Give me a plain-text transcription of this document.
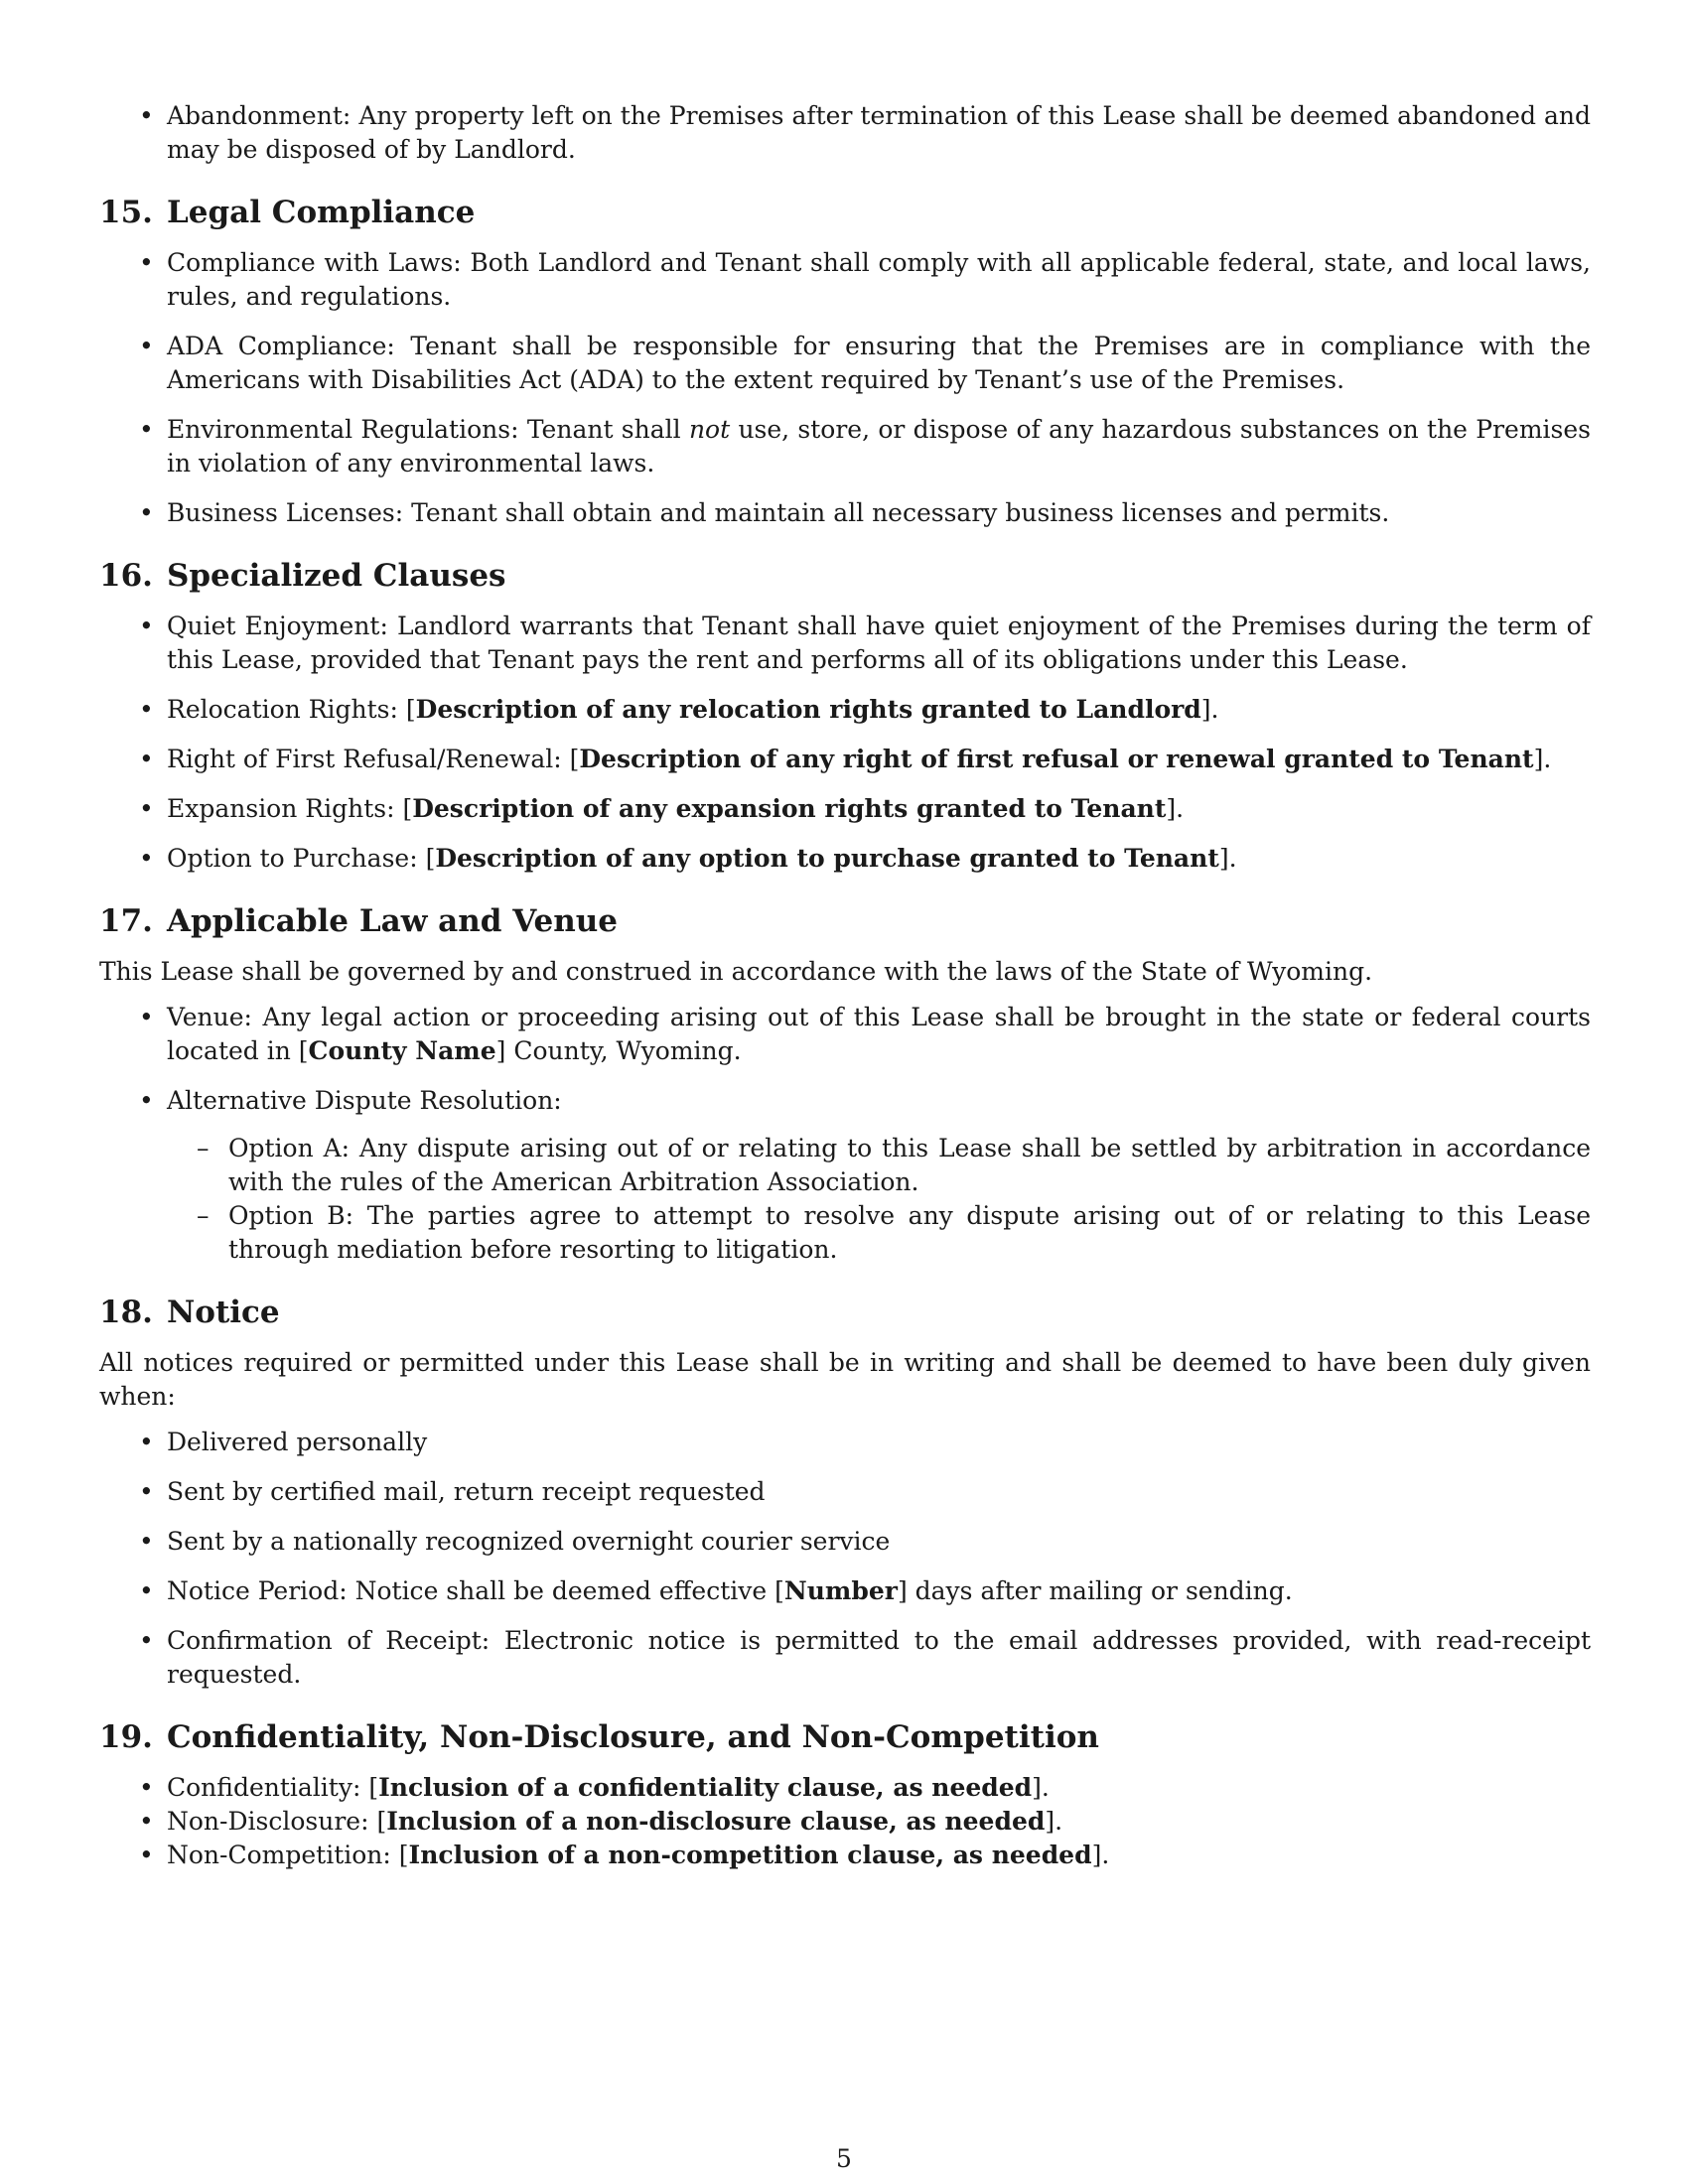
• Abandonment: Any property left on the Premises after termination of this Lease shall be deemed abandoned and may be disposed of by Landlord.
15. Legal Compliance
• Compliance with Laws: Both Landlord and Tenant shall comply with all applicable federal, state, and local laws, rules, and regulations.
• ADA Compliance: Tenant shall be responsible for ensuring that the Premises are in compliance with the Americans with Disabilities Act (ADA) to the extent required by Tenant’s use of the Premises.
• Environmental Regulations: Tenant shall not use, store, or dispose of any hazardous substances on the Premises in violation of any environmental laws.
• Business Licenses: Tenant shall obtain and maintain all necessary business licenses and permits.
16. Specialized Clauses
• Quiet Enjoyment: Landlord warrants that Tenant shall have quiet enjoyment of the Premises during the term of this Lease, provided that Tenant pays the rent and performs all of its obligations under this Lease.
• Relocation Rights: [Description of any relocation rights granted to Landlord].
• Right of First Refusal/Renewal: [Description of any right of first refusal or renewal granted to Tenant].
• Expansion Rights: [Description of any expansion rights granted to Tenant].
• Option to Purchase: [Description of any option to purchase granted to Tenant].
17. Applicable Law and Venue

This Lease shall be governed by and construed in accordance with the laws of the State of Wyoming.

• Venue: Any legal action or proceeding arising out of this Lease shall be brought in the state or federal courts located in [County Name] County, Wyoming.
• Alternative Dispute Resolution:
– Option A: Any dispute arising out of or relating to this Lease shall be settled by arbitration in accordance with the rules of the American Arbitration Association.
– Option B: The parties agree to attempt to resolve any dispute arising out of or relating to this Lease through mediation before resorting to litigation.
18. Notice

All notices required or permitted under this Lease shall be in writing and shall be deemed to have been duly given when:

• Delivered personally
• Sent by certified mail, return receipt requested
• Sent by a nationally recognized overnight courier service
• Notice Period: Notice shall be deemed effective [Number] days after mailing or sending.
• Confirmation of Receipt: Electronic notice is permitted to the email addresses provided, with read-receipt requested.
19. Confidentiality, Non-Disclosure, and Non-Competition
• Confidentiality: [Inclusion of a confidentiality clause, as needed].
• Non-Disclosure: [Inclusion of a non-disclosure clause, as needed].
• Non-Competition: [Inclusion of a non-competition clause, as needed].
5
